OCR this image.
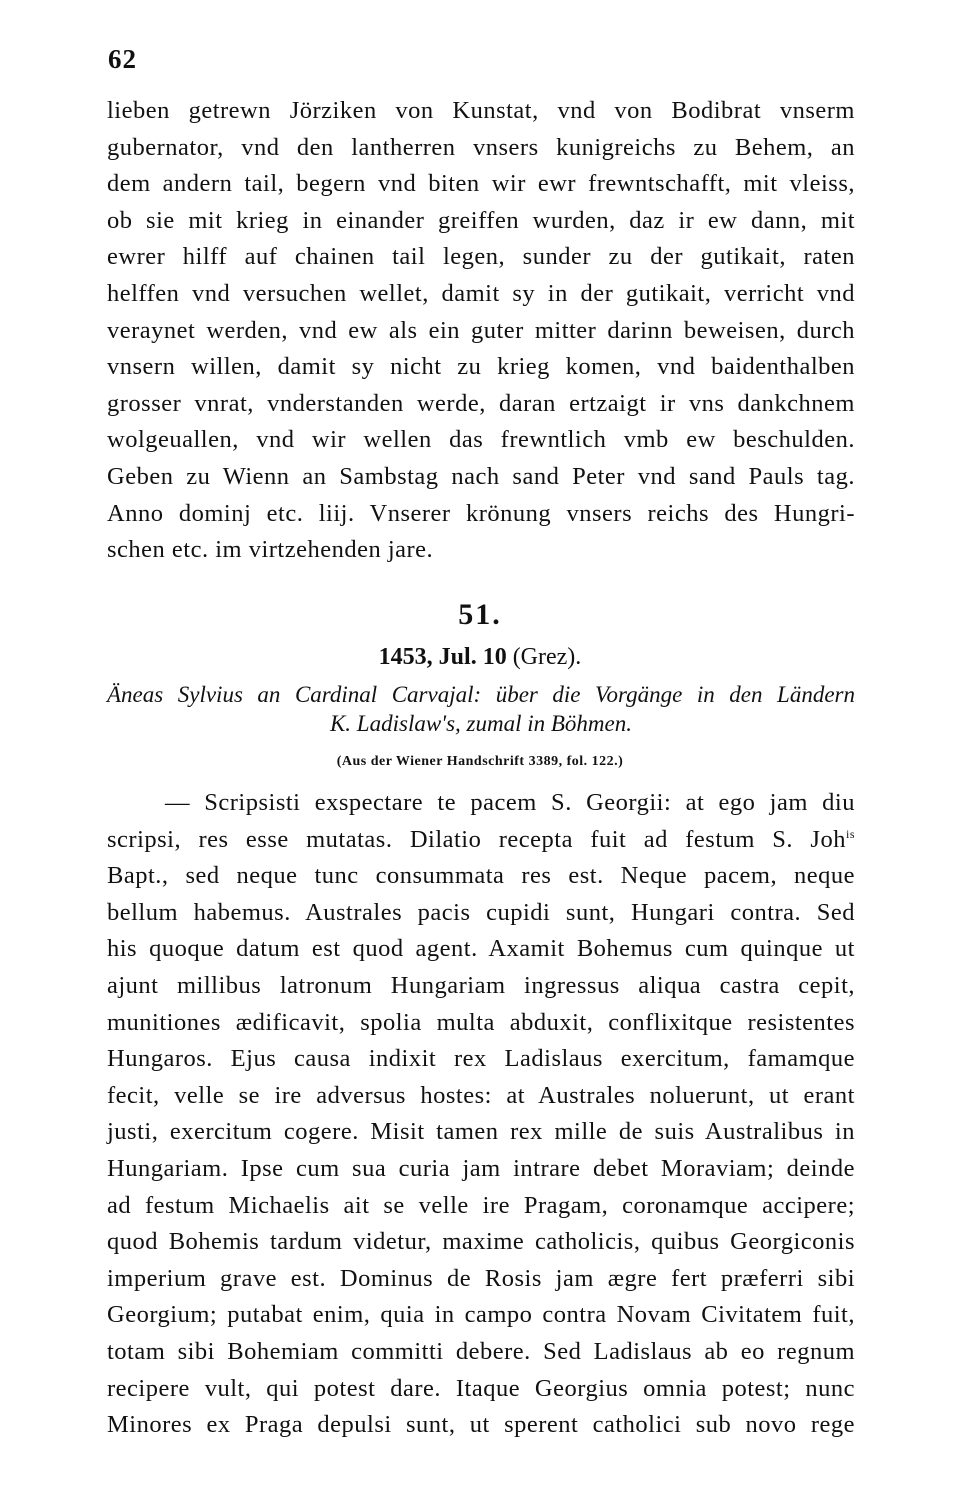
62
lieben getrewn Jörziken von Kunstat, vnd von Bodibrat vnserm
gubernator, vnd den lantherren vnsers kunigreichs zu Behem, an
dem andern tail, begern vnd biten wir ewr frewntschafft, mit vleiss,
ob sie mit krieg in einander greiffen wurden, daz ir ew dann, mit
ewrer hilff auf chainen tail legen, sunder zu der gutikait, raten
helffen vnd versuchen wellet, damit sy in der gutikait, verricht vnd
veraynet werden, vnd ew als ein guter mitter darinn beweisen, durch
vnsern willen, damit sy nicht zu krieg komen, vnd baidenthalben
grosser vnrat, vnderstanden werde, daran ertzaigt ir vns dankchnem
wolgeuallen, vnd wir wellen das frewntlich vmb ew beschulden.
Geben zu Wienn an Sambstag nach sand Peter vnd sand Pauls tag.
Anno dominj etc. liij. Vnserer krönung vnsers reichs des Hungri-
schen etc. im virtzehenden jare.
51.
1453, Jul. 10 (Grez).
Äneas Sylvius an Cardinal Carvajal: über die Vorgänge in den Ländern
K. Ladislaw's, zumal in Böhmen.
(Aus der Wiener Handschrift 3389, fol. 122.)
— Scripsisti exspectare te pacem S. Georgii: at ego jam diu
scripsi, res esse mutatas. Dilatio recepta fuit ad festum S. Joh$^{is}$
Bapt., sed neque tunc consummata res est. Neque pacem, neque
bellum habemus. Australes pacis cupidi sunt, Hungari contra. Sed
his quoque datum est quod agent. Axamit Bohemus cum quinque ut
ajunt millibus latronum Hungariam ingressus aliqua castra cepit,
munitiones ædificavit, spolia multa abduxit, conflixitque resistentes
Hungaros. Ejus causa indixit rex Ladislaus exercitum, famamque
fecit, velle se ire adversus hostes: at Australes noluerunt, ut erant
justi, exercitum cogere. Misit tamen rex mille de suis Australibus in
Hungariam. Ipse cum sua curia jam intrare debet Moraviam; deinde
ad festum Michaelis ait se velle ire Pragam, coronamque accipere;
quod Bohemis tardum videtur, maxime catholicis, quibus Georgiconis
imperium grave est. Dominus de Rosis jam ægre fert præferri sibi
Georgium; putabat enim, quia in campo contra Novam Civitatem fuit,
totam sibi Bohemiam committi debere. Sed Ladislaus ab eo regnum
recipere vult, qui potest dare. Itaque Georgius omnia potest; nunc
Minores ex Praga depulsi sunt, ut sperent catholici sub novo rege
